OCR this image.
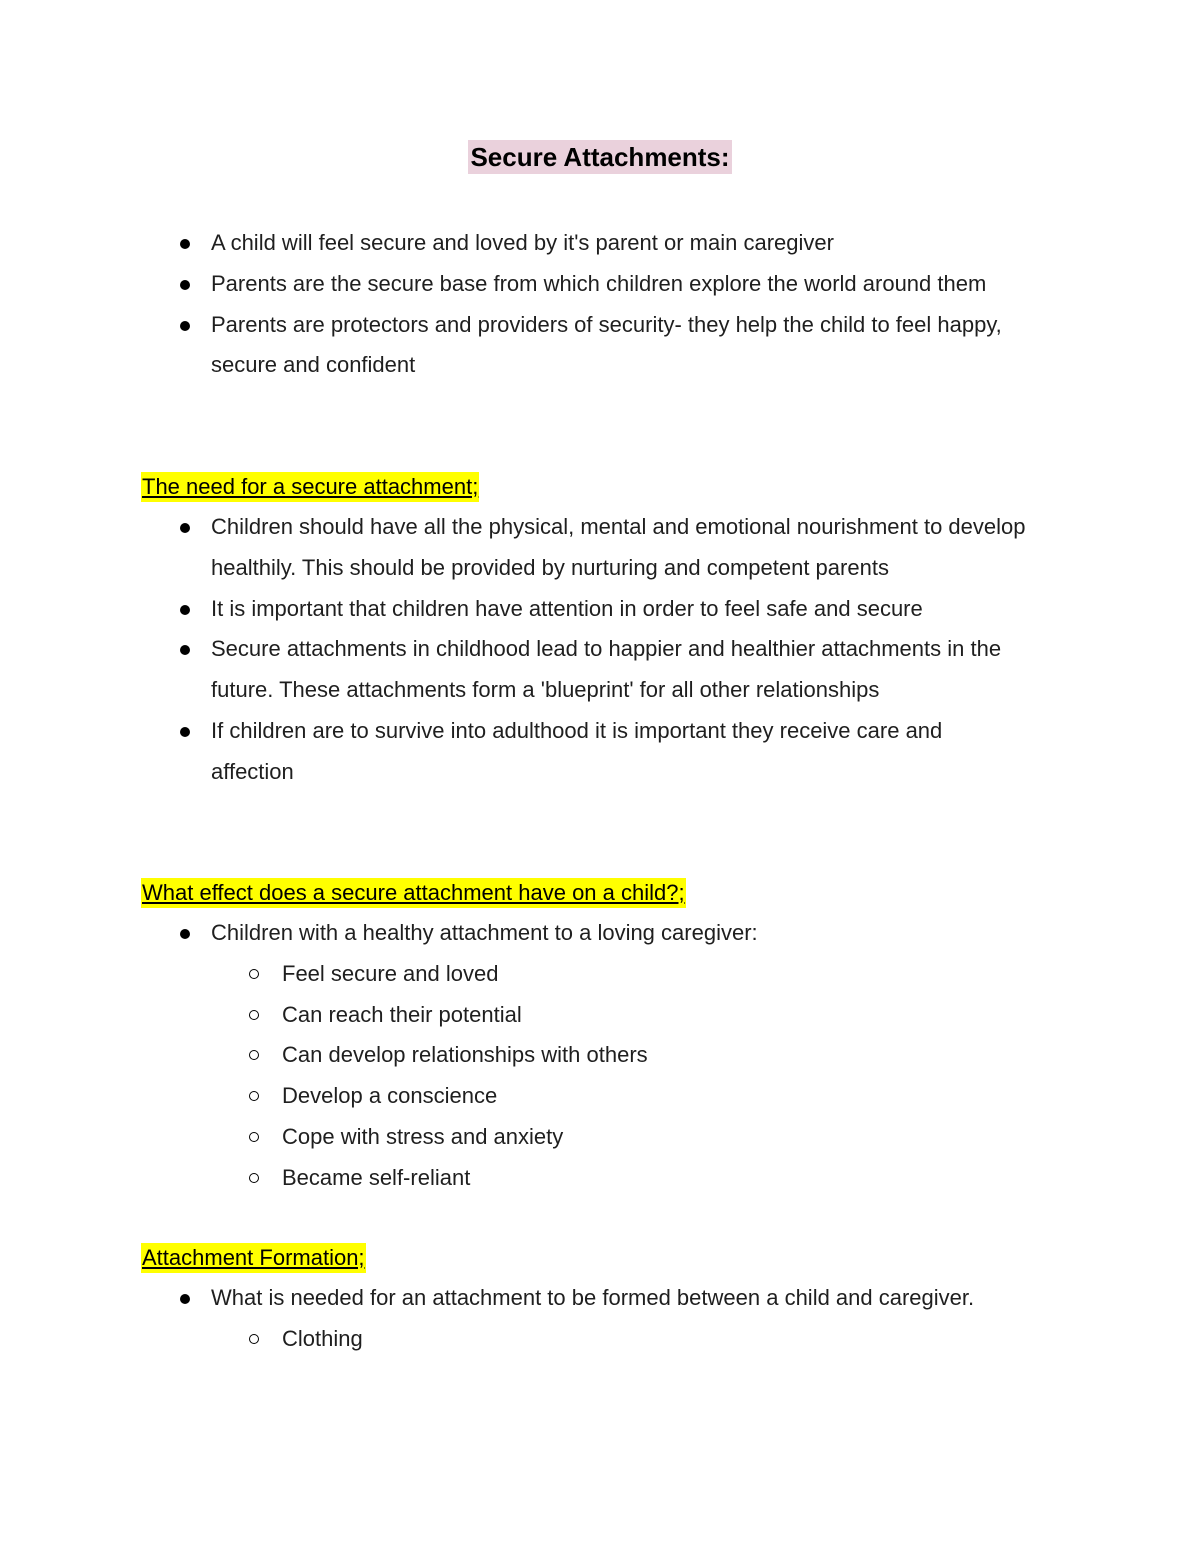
Secure Attachments:
A child will feel secure and loved by it's parent or main caregiver
Parents are the secure base from which children explore the world around them
Parents are protectors and providers of security- they help the child to feel happy, secure and confident
The need for a secure attachment;
Children should have all the physical, mental and emotional nourishment to develop healthily. This should be provided by nurturing and competent parents
It is important that children have attention in order to feel safe and secure
Secure attachments in childhood lead to happier and healthier attachments in the future. These attachments form a 'blueprint' for all other relationships
If children are to survive into adulthood it is important they receive care and affection
What effect does a secure attachment have on a child?;
Children with a healthy attachment to a loving caregiver:
Feel secure and loved
Can reach their potential
Can develop relationships with others
Develop a conscience
Cope with stress and anxiety
Became self-reliant
Attachment Formation;
What is needed for an attachment to be formed between a child and caregiver.
Clothing
